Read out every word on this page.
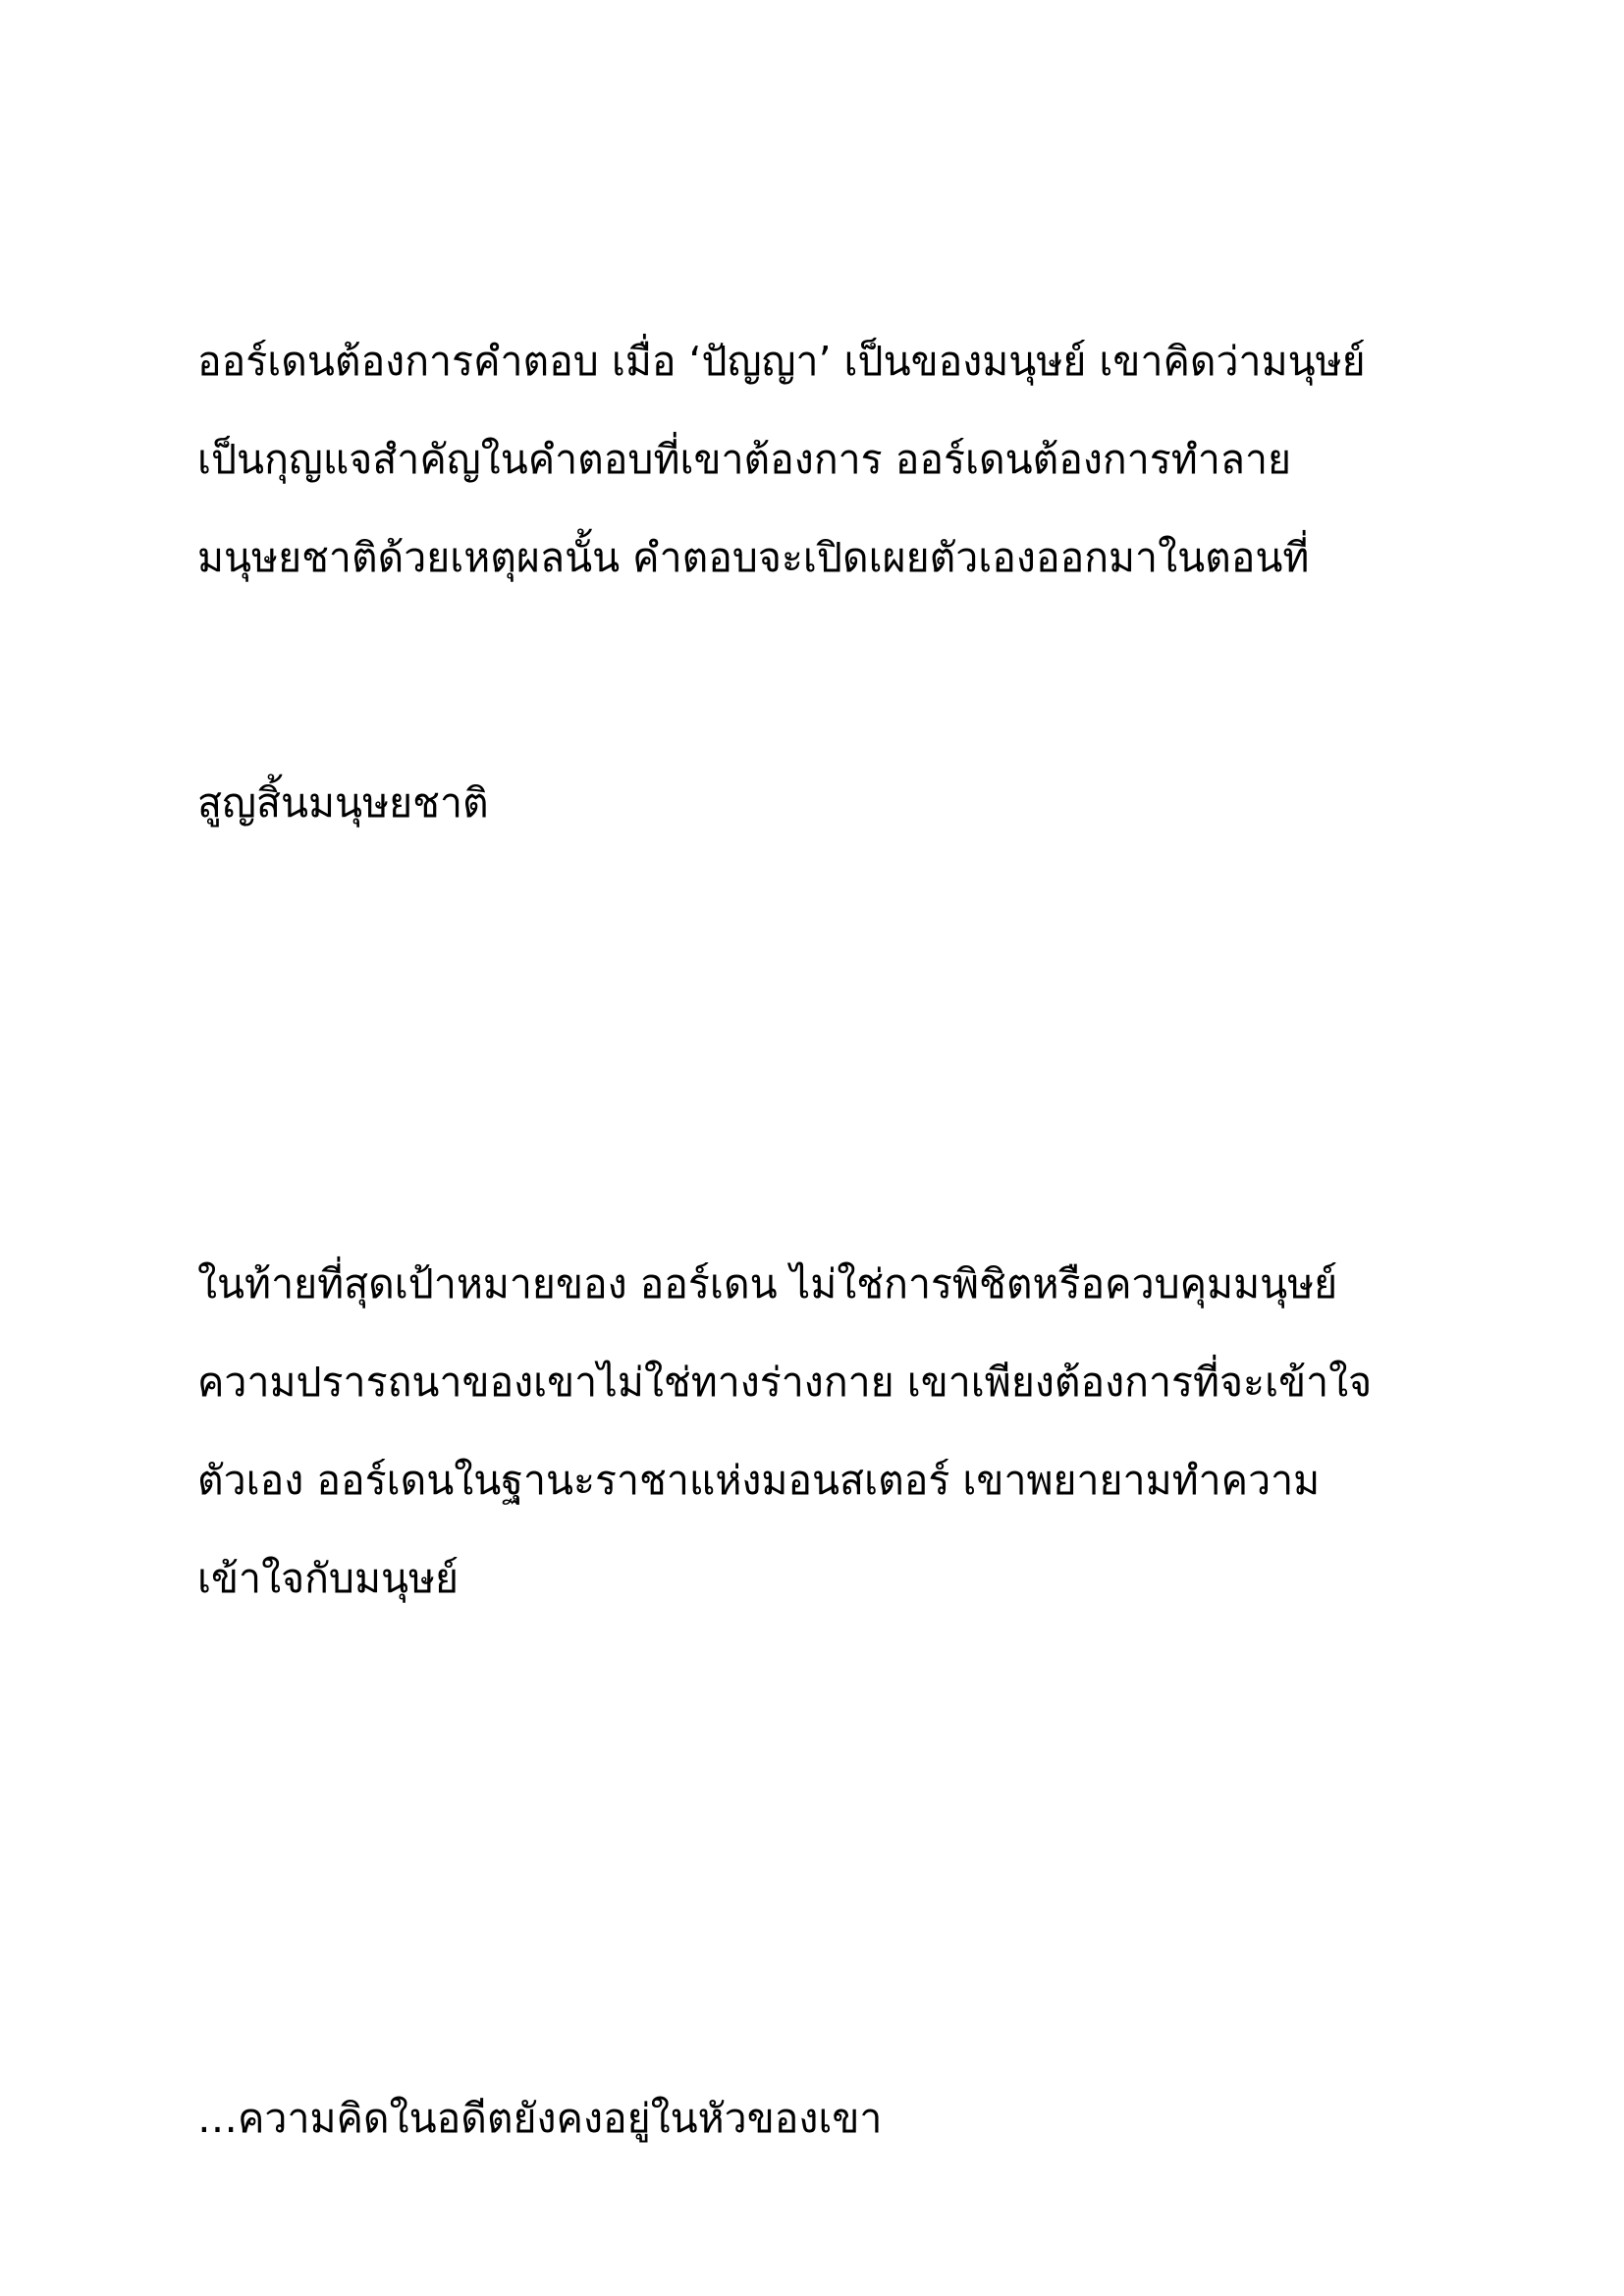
ออร์เดนต้องการคำตอบ เมื่อ ‘ปัญญา’ เป็นของมนุษย์ เขาคิดว่ามนุษย์

เป็นกุญแจสำคัญในคำตอบที่เขาต้องการ ออร์เดนต้องการทำลาย

มนุษยชาติด้วยเหตุผลนั้น คำตอบจะเปิดเผยตัวเองออกมาในตอนที่

สูญสิ้นมนุษยชาติ

ในท้ายที่สุดเป้าหมายของ ออร์เดน ไม่ใช่การพิชิตหรือควบคุมมนุษย์

ความปรารถนาของเขาไม่ใช่ทางร่างกาย เขาเพียงต้องการที่จะเข้าใจ

ตัวเอง ออร์เดนในฐานะราชาแห่งมอนสเตอร์ เขาพยายามทำความ

เข้าใจกับมนุษย์

…ความคิดในอดีตยังคงอยู่ในหัวของเขา
